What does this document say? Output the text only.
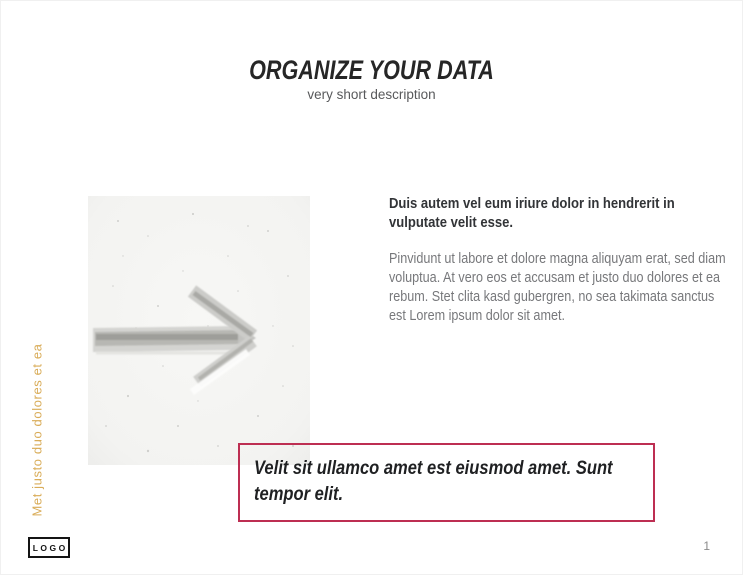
ORGANIZE YOUR DATA
very short description

Duis autem vel eum iriure dolor in hendrerit in vulputate velit esse.

Pinvidunt ut labore et dolore magna aliquyam erat, sed diam voluptua. At vero eos et accusam et justo duo dolores et ea rebum. Stet clita kasd gubergren, no sea takimata sanctus est Lorem ipsum dolor sit amet.

Velit sit ullamco amet est eiusmod amet. Sunt tempor elit.
Met justo duo dolores et ea
LOGO	1
